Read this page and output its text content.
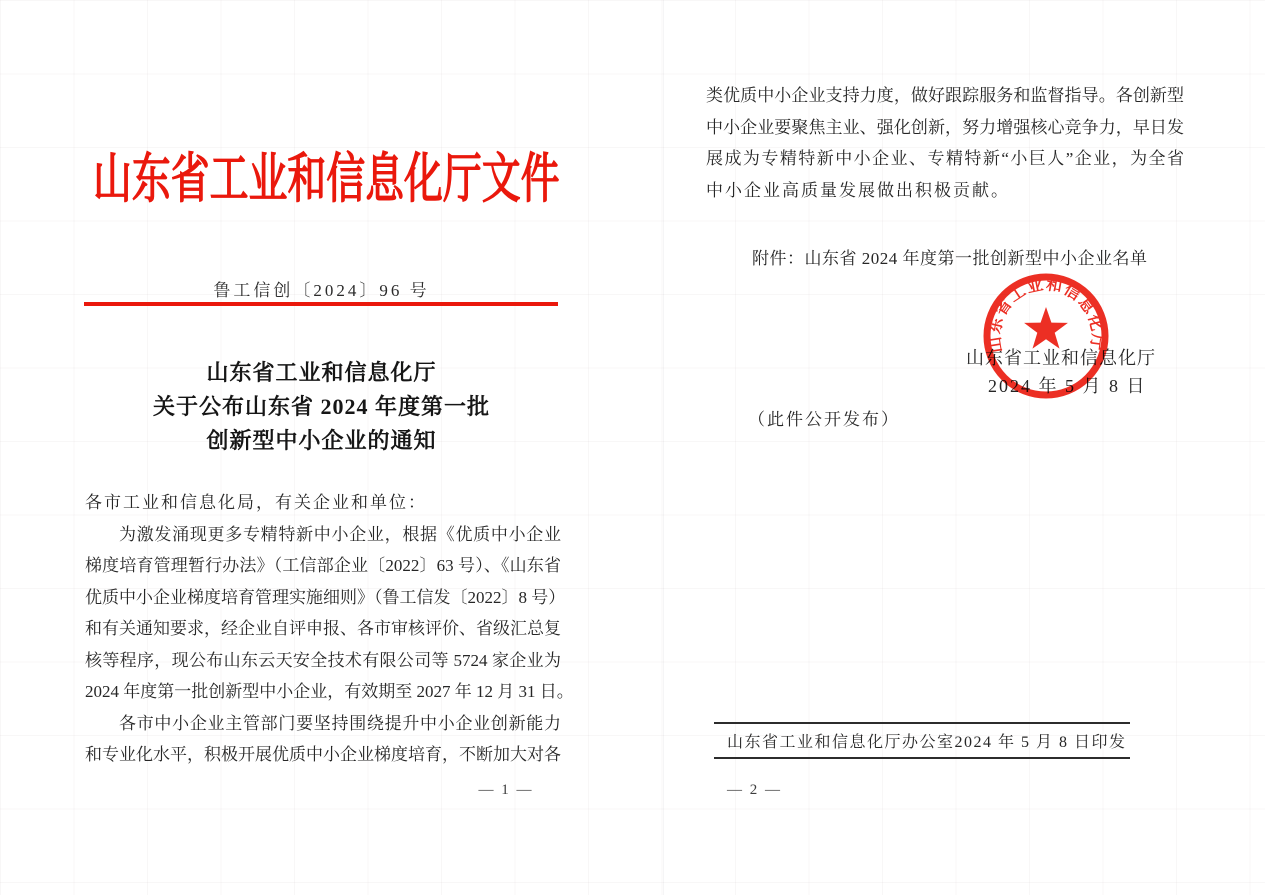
山东省工业和信息化厅文件
鲁工信创〔2024〕96 号
山东省工业和信息化厅
关于公布山东省 2024 年度第一批
创新型中小企业的通知
各市工业和信息化局，有关企业和单位：
为激发涌现更多专精特新中小企业，根据《优质中小企业
梯度培育管理暂行办法》（工信部企业〔2022〕63 号）、《山东省
优质中小企业梯度培育管理实施细则》（鲁工信发〔2022〕8 号）
和有关通知要求，经企业自评申报、各市审核评价、省级汇总复
核等程序，现公布山东云天安全技术有限公司等 5724 家企业为
2024 年度第一批创新型中小企业，有效期至 2027 年 12 月 31 日。
各市中小企业主管部门要坚持围绕提升中小企业创新能力
和专业化水平，积极开展优质中小企业梯度培育，不断加大对各
— 1 —
类优质中小企业支持力度，做好跟踪服务和监督指导。各创新型
中小企业要聚焦主业、强化创新，努力增强核心竞争力，早日发
展成为专精特新中小企业、专精特新“小巨人”企业，为全省
中小企业高质量发展做出积极贡献。
附件：山东省 2024 年度第一批创新型中小企业名单
山东省工业和信息化厅
2024 年 5 月 8 日
山东省工业和信息化厅
（此件公开发布）
山东省工业和信息化厅办公室 2024 年 5 月 8 日印发
— 2 —
